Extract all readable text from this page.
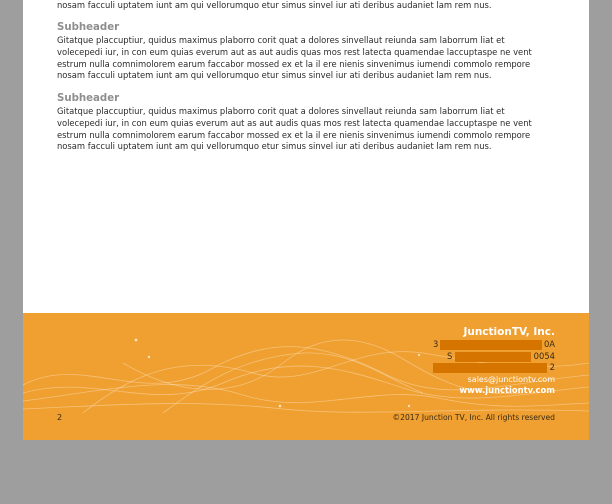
nosam facculi uptatem iunt am qui vellorumquo etur simus sinvel iur ati deribus audaniet lam rem nus.

Subheader

Gitatque placcuptiur, quidus maximus plaborro corit quat a dolores sinvellaut reiunda sam laborrum liat et

volecepedi iur, in con eum quias everum aut as aut audis quas mos rest latecta quamendae laccuptaspe ne vent

estrum nulla comnimolorem earum faccabor mossed ex et la il ere nienis sinvenimus iumendi commolo rempore

nosam facculi uptatem iunt am qui vellorumquo etur simus sinvel iur ati deribus audaniet lam rem nus.

Subheader

Gitatque placcuptiur, quidus maximus plaborro corit quat a dolores sinvellaut reiunda sam laborrum liat et

volecepedi iur, in con eum quias everum aut as aut audis quas mos rest latecta quamendae laccuptaspe ne vent

estrum nulla comnimolorem earum faccabor mossed ex et la il ere nienis sinvenimus iumendi commolo rempore

nosam facculi uptatem iunt am qui vellorumquo etur simus sinvel iur ati deribus audaniet lam rem nus.

JunctionTV, Inc.
3	0A
S	0054
2
sales@junctiontv.com
www.junctiontv.com
2	©2017 Junction TV, Inc. All rights reserved
